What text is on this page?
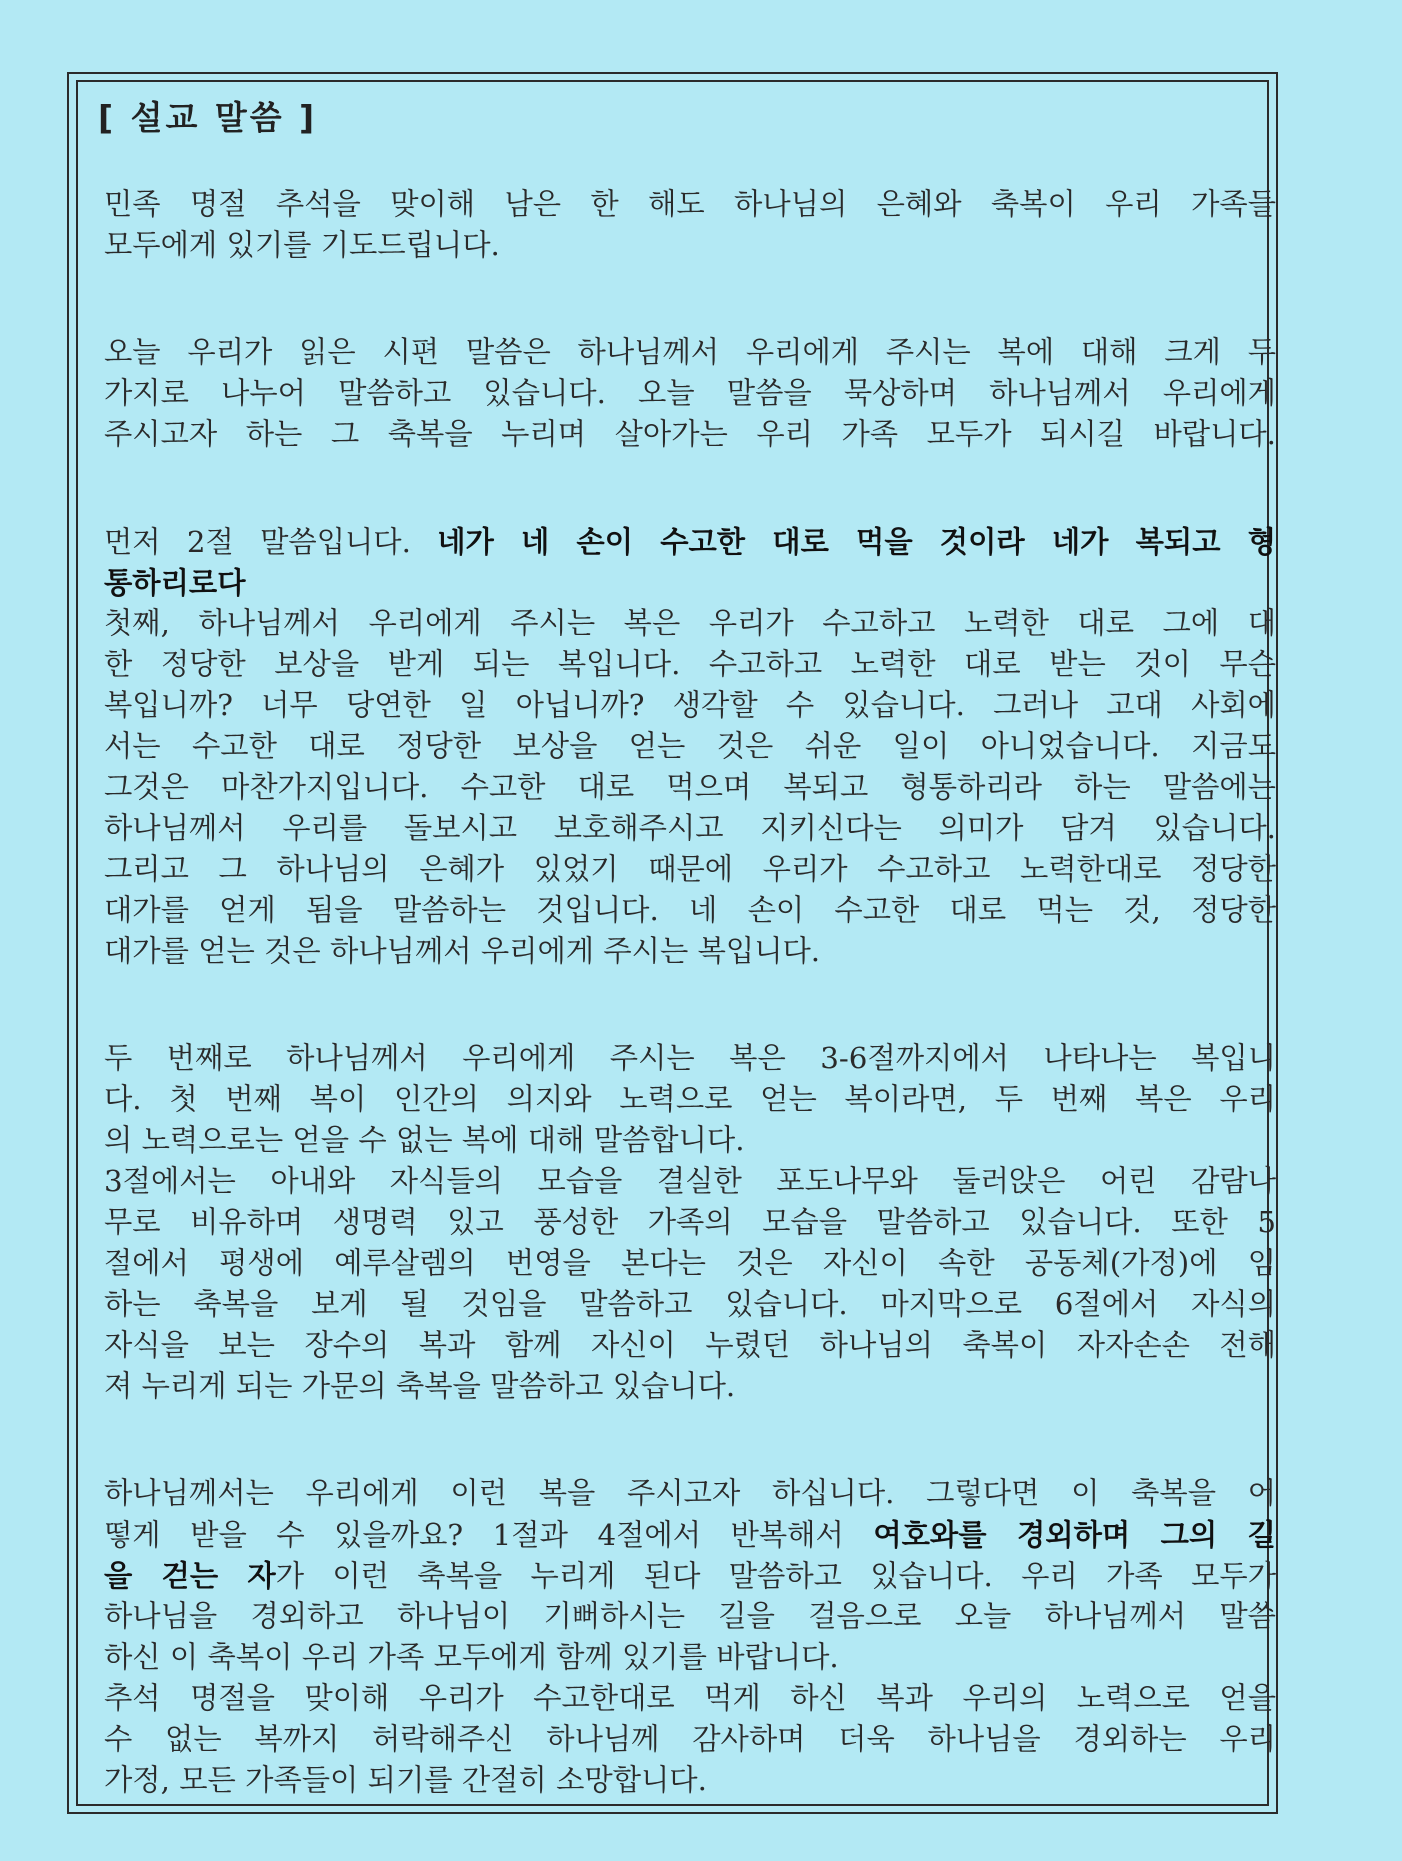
[ 설교 말씀 ]
민족 명절 추석을 맞이해 남은 한 해도 하나님의 은혜와 축복이 우리 가족들
모두에게 있기를 기도드립니다.
오늘 우리가 읽은 시편 말씀은 하나님께서 우리에게 주시는 복에 대해 크게 두
가지로 나누어 말씀하고 있습니다. 오늘 말씀을 묵상하며 하나님께서 우리에게
주시고자 하는 그 축복을 누리며 살아가는 우리 가족 모두가 되시길 바랍니다.
먼저 2절 말씀입니다. 네가 네 손이 수고한 대로 먹을 것이라 네가 복되고 형
통하리로다
첫째, 하나님께서 우리에게 주시는 복은 우리가 수고하고 노력한 대로 그에 대
한 정당한 보상을 받게 되는 복입니다. 수고하고 노력한 대로 받는 것이 무슨
복입니까? 너무 당연한 일 아닙니까? 생각할 수 있습니다. 그러나 고대 사회에
서는 수고한 대로 정당한 보상을 얻는 것은 쉬운 일이 아니었습니다. 지금도
그것은 마찬가지입니다. 수고한 대로 먹으며 복되고 형통하리라 하는 말씀에는
하나님께서 우리를 돌보시고 보호해주시고 지키신다는 의미가 담겨 있습니다.
그리고 그 하나님의 은혜가 있었기 때문에 우리가 수고하고 노력한대로 정당한
대가를 얻게 됨을 말씀하는 것입니다. 네 손이 수고한 대로 먹는 것, 정당한
대가를 얻는 것은 하나님께서 우리에게 주시는 복입니다.
두 번째로 하나님께서 우리에게 주시는 복은 3-6절까지에서 나타나는 복입니
다. 첫 번째 복이 인간의 의지와 노력으로 얻는 복이라면, 두 번째 복은 우리
의 노력으로는 얻을 수 없는 복에 대해 말씀합니다.
3절에서는 아내와 자식들의 모습을 결실한 포도나무와 둘러앉은 어린 감람나
무로 비유하며 생명력 있고 풍성한 가족의 모습을 말씀하고 있습니다. 또한 5
절에서 평생에 예루살렘의 번영을 본다는 것은 자신이 속한 공동체(가정)에 임
하는 축복을 보게 될 것임을 말씀하고 있습니다. 마지막으로 6절에서 자식의
자식을 보는 장수의 복과 함께 자신이 누렸던 하나님의 축복이 자자손손 전해
져 누리게 되는 가문의 축복을 말씀하고 있습니다.
하나님께서는 우리에게 이런 복을 주시고자 하십니다. 그렇다면 이 축복을 어
떻게 받을 수 있을까요? 1절과 4절에서 반복해서 여호와를 경외하며 그의 길
을 걷는 자가 이런 축복을 누리게 된다 말씀하고 있습니다. 우리 가족 모두가
하나님을 경외하고 하나님이 기뻐하시는 길을 걸음으로 오늘 하나님께서 말씀
하신 이 축복이 우리 가족 모두에게 함께 있기를 바랍니다.
추석 명절을 맞이해 우리가 수고한대로 먹게 하신 복과 우리의 노력으로 얻을
수 없는 복까지 허락해주신 하나님께 감사하며 더욱 하나님을 경외하는 우리
가정, 모든 가족들이 되기를 간절히 소망합니다.
